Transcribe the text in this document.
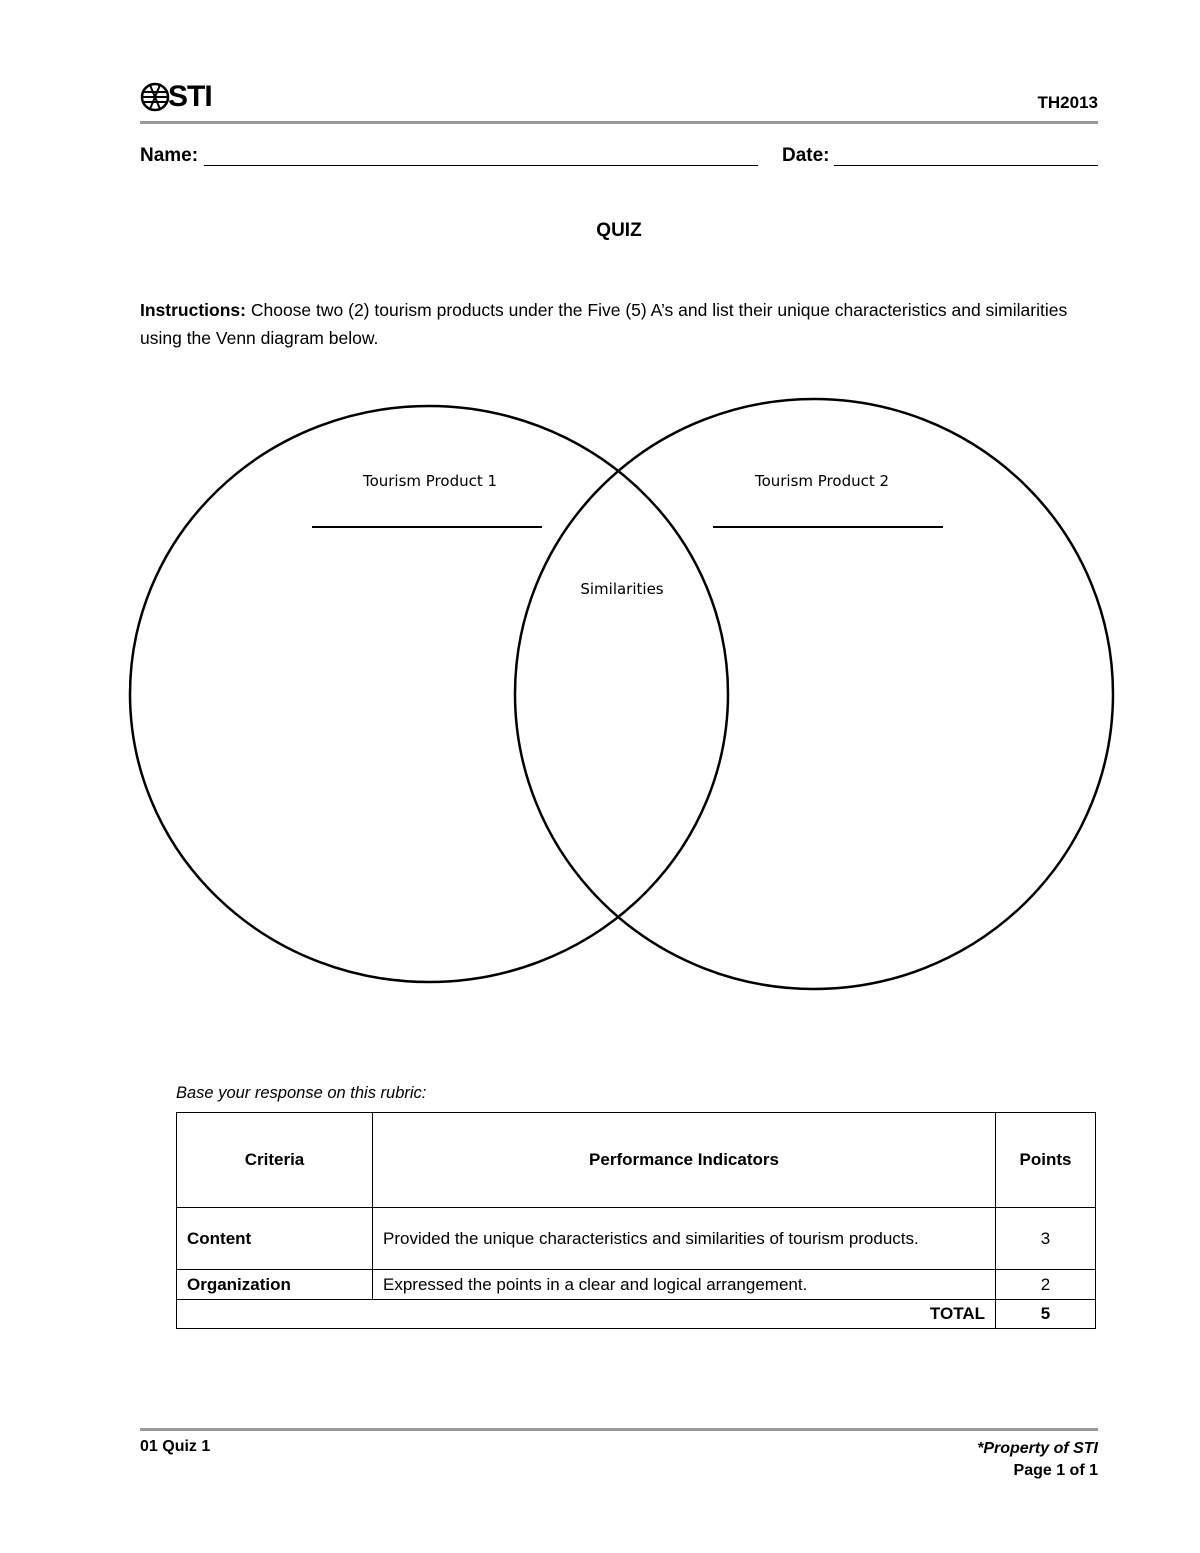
STI	TH2013
Name:	Date:
QUIZ
Instructions: Choose two (2) tourism products under the Five (5) A’s and list their unique characteristics and similarities using the Venn diagram below.
Tourism Product 1	Tourism Product 2
Similarities
Base your response on this rubric:
Criteria	Performance Indicators	Points
Content	Provided the unique characteristics and similarities of tourism products.	3
Organization	Expressed the points in a clear and logical arrangement.	2
TOTAL		5
01 Quiz 1	*Property of STI
Page 1 of 1
